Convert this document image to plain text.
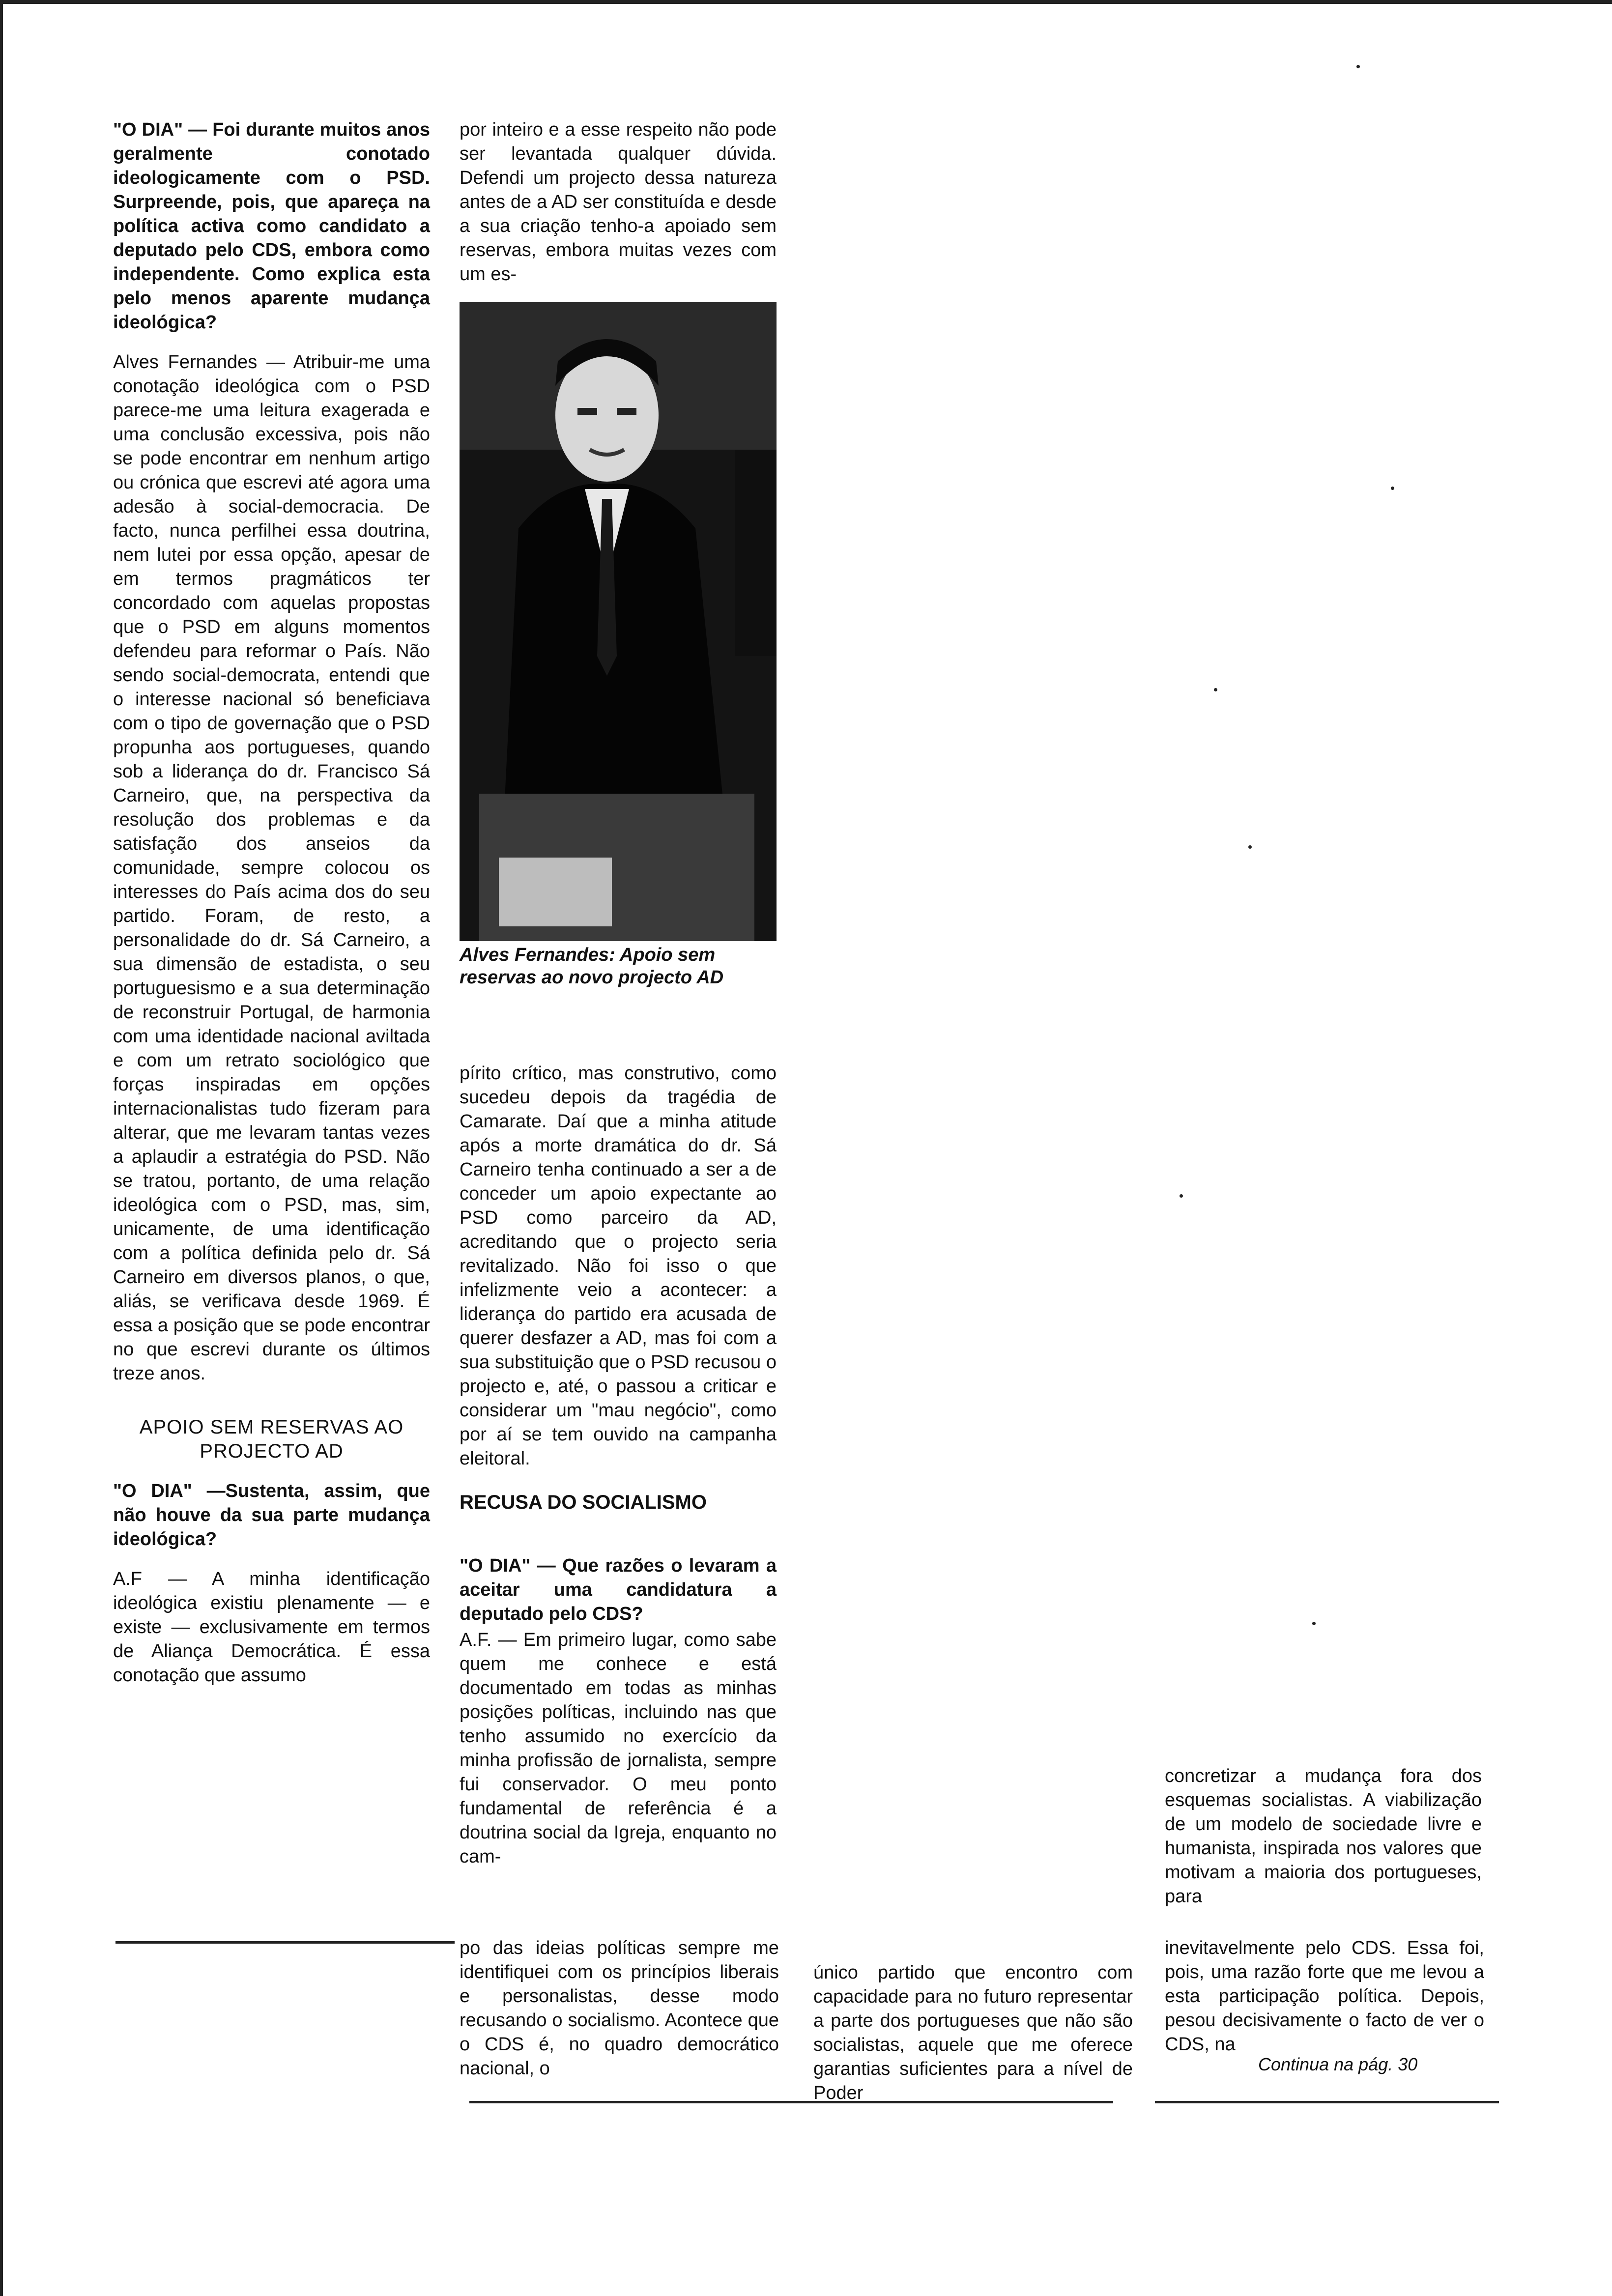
"O DIA" — Foi durante muitos anos geralmente conotado ideologicamente com o PSD. Surpreende, pois, que apareça na política activa como candidato a deputado pelo CDS, embora como independente. Como explica esta pelo menos aparente mudança ideológica?

Alves Fernandes — Atribuir-me uma conotação ideológica com o PSD parece-me uma leitura exagerada e uma conclusão excessiva, pois não se pode encontrar em nenhum artigo ou crónica que escrevi até agora uma adesão à social-democracia. De facto, nunca perfilhei essa doutrina, nem lutei por essa opção, apesar de em termos pragmáticos ter concordado com aquelas propostas que o PSD em alguns momentos defendeu para reformar o País. Não sendo social-democrata, entendi que o interesse nacional só beneficiava com o tipo de governação que o PSD propunha aos portugueses, quando sob a liderança do dr. Francisco Sá Carneiro, que, na perspectiva da resolução dos problemas e da satisfação dos anseios da comunidade, sempre colocou os interesses do País acima dos do seu partido. Foram, de resto, a personalidade do dr. Sá Carneiro, a sua dimensão de estadista, o seu portuguesismo e a sua determinação de reconstruir Portugal, de harmonia com uma identidade nacional aviltada e com um retrato sociológico que forças inspiradas em opções internacionalistas tudo fizeram para alterar, que me levaram tantas vezes a aplaudir a estratégia do PSD. Não se tratou, portanto, de uma relação ideológica com o PSD, mas, sim, unicamente, de uma identificação com a política definida pelo dr. Sá Carneiro em diversos planos, o que, aliás, se verificava desde 1969. É essa a posição que se pode encontrar no que escrevi durante os últimos treze anos.

APOIO SEM RESERVAS AO PROJECTO AD

"O DIA" —Sustenta, assim, que não houve da sua parte mudança ideológica?

A.F — A minha identificação ideológica existiu plenamente — e existe — exclusivamente em termos de Aliança Democrática. É essa conotação que assumo

por inteiro e a esse respeito não pode ser levantada qualquer dúvida. Defendi um projecto dessa natureza antes de a AD ser constituída e desde a sua criação tenho-a apoiado sem reservas, embora muitas vezes com um es-

Alves Fernandes: Apoio sem reservas ao novo projecto AD

pírito crítico, mas construtivo, como sucedeu depois da tragédia de Camarate. Daí que a minha atitude após a morte dramática do dr. Sá Carneiro tenha continuado a ser a de conceder um apoio expectante ao PSD como parceiro da AD, acreditando que o projecto seria revitalizado. Não foi isso o que infelizmente veio a acontecer: a liderança do partido era acusada de querer desfazer a AD, mas foi com a sua substituição que o PSD recusou o projecto e, até, o passou a criticar e considerar um "mau negócio", como por aí se tem ouvido na campanha eleitoral.

RECUSA DO SOCIALISMO

"O DIA" — Que razões o levaram a aceitar uma candidatura a deputado pelo CDS?

A.F. — Em primeiro lugar, como sabe quem me conhece e está documentado em todas as minhas posições políticas, incluindo nas que tenho assumido no exercício da minha profissão de jornalista, sempre fui conservador. O meu ponto fundamental de referência é a doutrina social da Igreja, enquanto no cam-

concretizar a mudança fora dos esquemas socialistas. A viabilização de um modelo de sociedade livre e humanista, inspirada nos valores que motivam a maioria dos portugueses, para

po das ideias políticas sempre me identifiquei com os princípios liberais e personalistas, desse modo recusando o socialismo. Acontece que o CDS é, no quadro democrático nacional, o

único partido que encontro com capacidade para no futuro representar a parte dos portugueses que não são socialistas, aquele que me oferece garantias suficientes para a nível de Poder

inevitavelmente pelo CDS. Essa foi, pois, uma razão forte que me levou a esta participação política. Depois, pesou decisivamente o facto de ver o CDS, na

Continua na pág. 30
